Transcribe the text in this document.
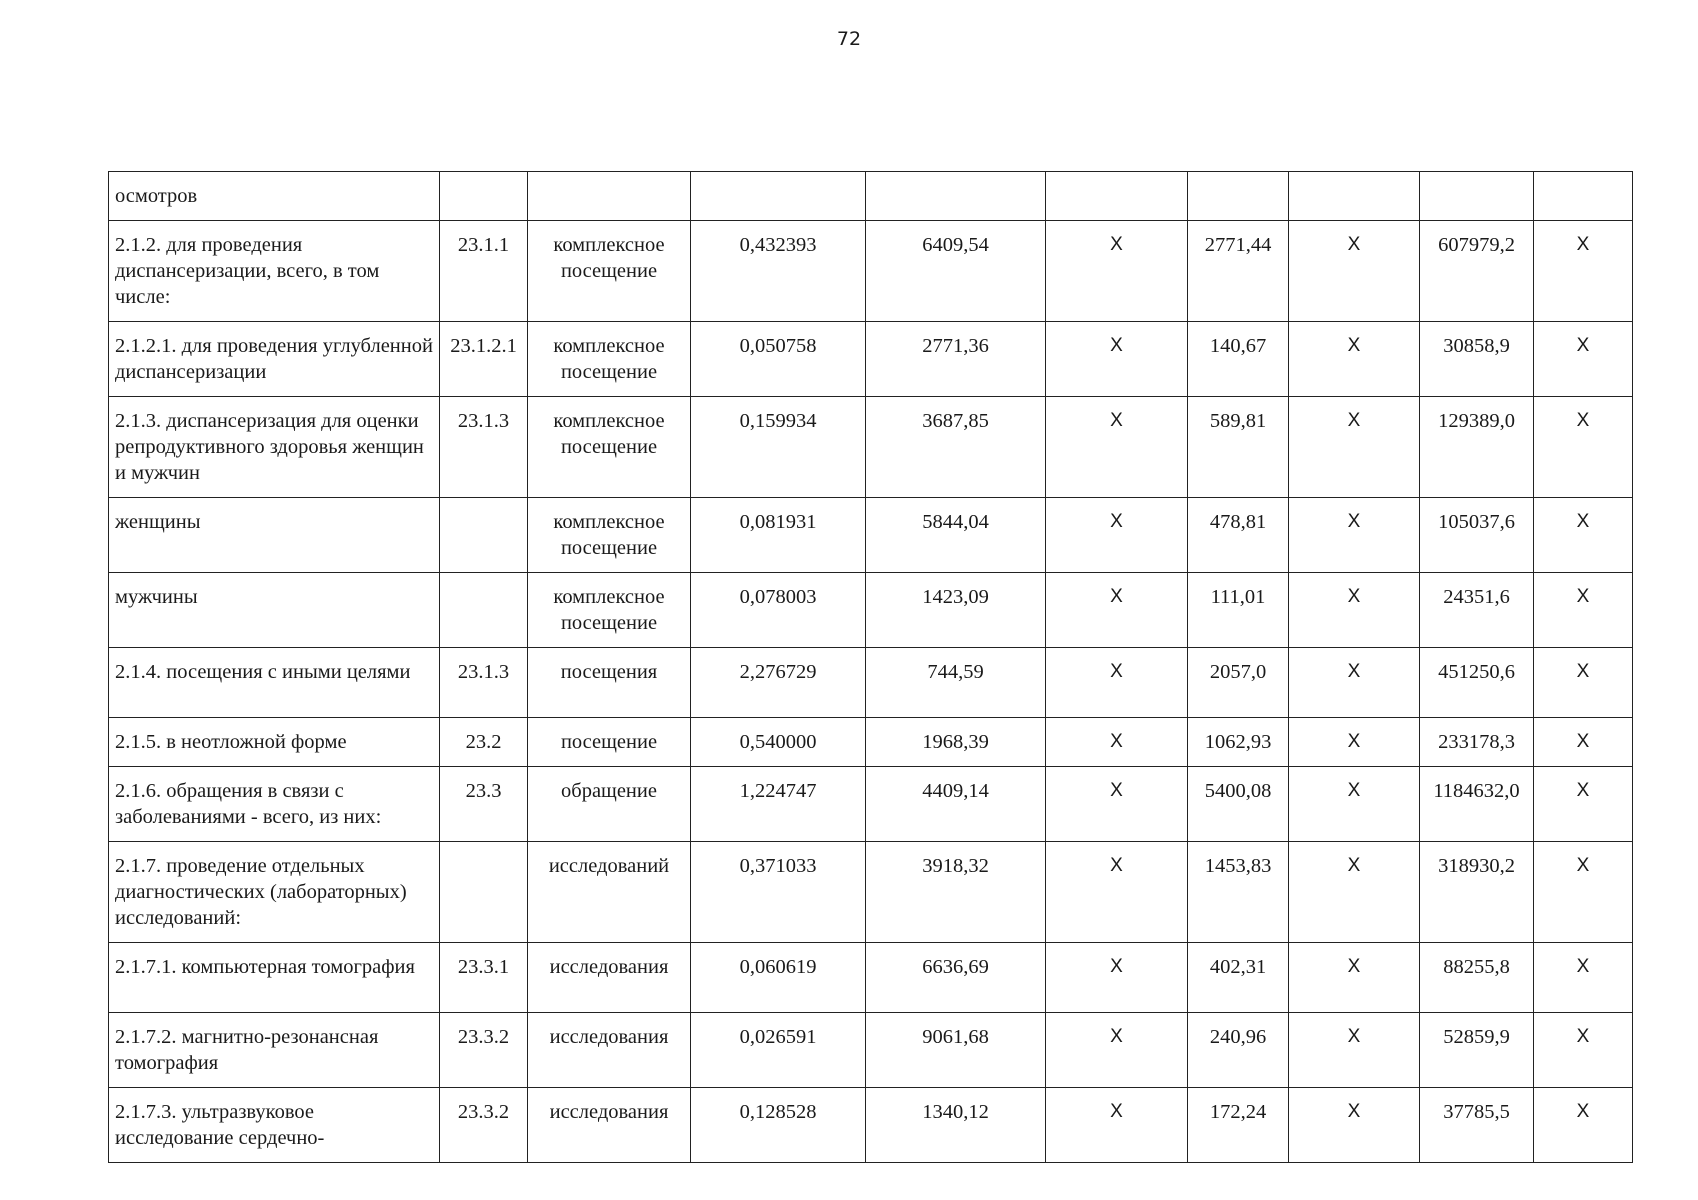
72
осмотров									
2.1.2. для проведения диспансеризации, всего, в том числе:	23.1.1	комплексное посещение	0,432393	6409,54	X	2771,44	X	607979,2	X
2.1.2.1. для проведения углубленной диспансеризации	23.1.2.1	комплексное посещение	0,050758	2771,36	X	140,67	X	30858,9	X
2.1.3. диспансеризация для оценки репродуктивного здоровья женщин и мужчин	23.1.3	комплексное посещение	0,159934	3687,85	X	589,81	X	129389,0	X
женщины		комплексное посещение	0,081931	5844,04	X	478,81	X	105037,6	X
мужчины		комплексное посещение	0,078003	1423,09	X	111,01	X	24351,6	X
2.1.4. посещения с иными целями	23.1.3	посещения	2,276729	744,59	X	2057,0	X	451250,6	X
2.1.5. в неотложной форме	23.2	посещение	0,540000	1968,39	X	1062,93	X	233178,3	X
2.1.6. обращения в связи с заболеваниями - всего, из них:	23.3	обращение	1,224747	4409,14	X	5400,08	X	1184632,0	X
2.1.7. проведение отдельных диагностических (лабораторных) исследований:		исследований	0,371033	3918,32	X	1453,83	X	318930,2	X
2.1.7.1. компьютерная томография	23.3.1	исследования	0,060619	6636,69	X	402,31	X	88255,8	X
2.1.7.2. магнитно-резонансная томография	23.3.2	исследования	0,026591	9061,68	X	240,96	X	52859,9	X
2.1.7.3. ультразвуковое исследование сердечно-	23.3.2	исследования	0,128528	1340,12	X	172,24	X	37785,5	X
